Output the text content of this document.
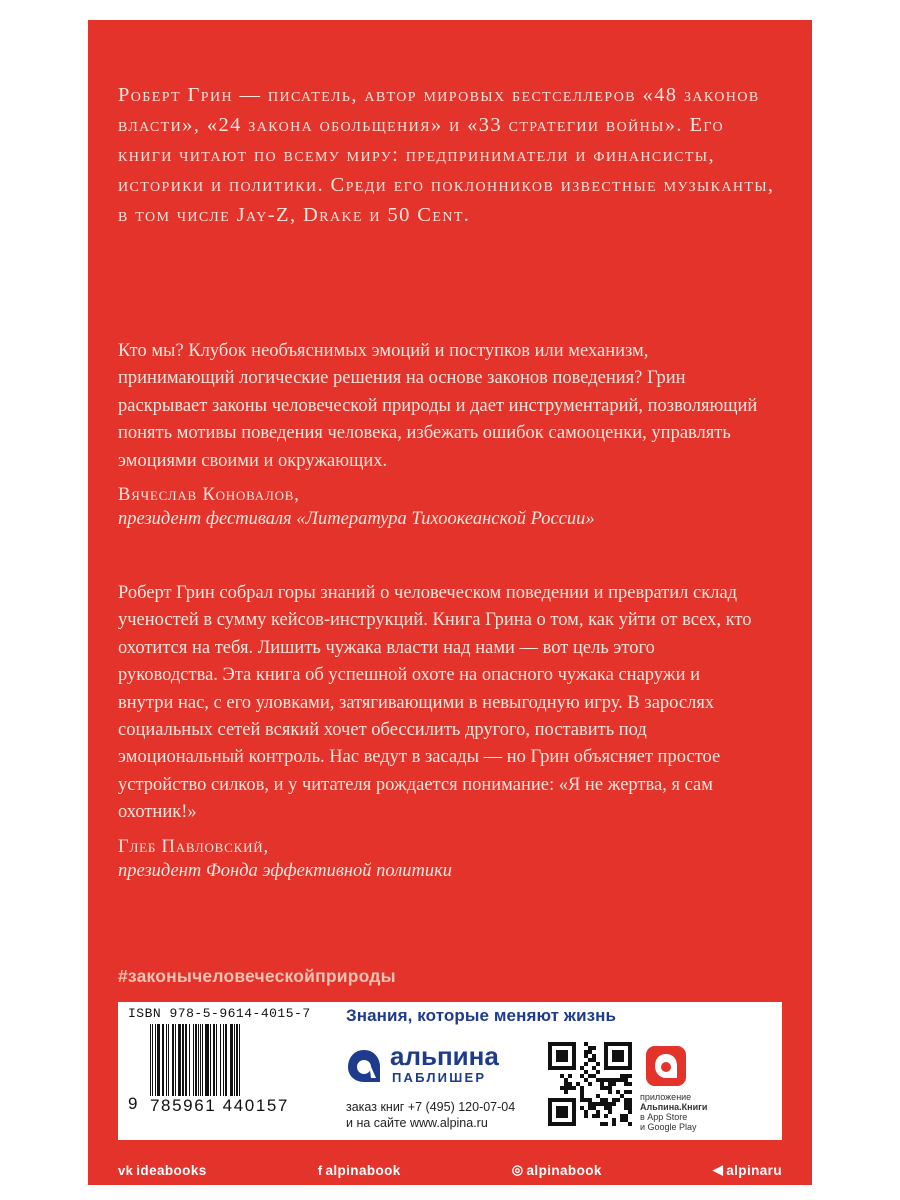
Роберт Грин — писатель, автор мировых бестселлеров «48 законов власти», «24 закона обольщения» и «33 стратегии войны». Его книги читают по всему миру: предприниматели и финансисты, историки и политики. Среди его поклонников известные музыканты, в том числе Jay-Z, Drake и 50 Cent.

Кто мы? Клубок необъяснимых эмоций и поступков или механизм, принимающий логические решения на основе законов поведения? Грин раскрывает законы человеческой природы и дает инструментарий, позволяющий понять мотивы поведения человека, избежать ошибок самооценки, управлять эмоциями своими и окружающих.

Вячеслав Коновалов,
президент фестиваля «Литература Тихоокеанской России»

Роберт Грин собрал горы знаний о человеческом поведении и превратил склад ученостей в сумму кейсов-инструкций. Книга Грина о том, как уйти от всех, кто охотится на тебя. Лишить чужака власти над нами — вот цель этого руководства. Эта книга об успешной охоте на опасного чужака снаружи и внутри нас, с его уловками, затягивающими в невыгодную игру. В зарослях социальных сетей всякий хочет обессилить другого, поставить под эмоциональный контроль. Нас ведут в засады — но Грин объясняет простое устройство силков, и у читателя рождается понимание: «Я не жертва, я сам охотник!»

Глеб Павловский,
президент Фонда эффективной политики
#законычеловеческойприроды
ISBN 978-5-9614-4015-7
9 785961 440157
Знания, которые меняют жизнь
альпина
ПАБЛИШЕР
заказ книг +7 (495) 120-07-04
и на сайте www.alpina.ru
приложение
Альпина.Книги
в App Store
и Google Play
vk ideabooks	f alpinabook	◎ alpinabook	◀ alpinaru
